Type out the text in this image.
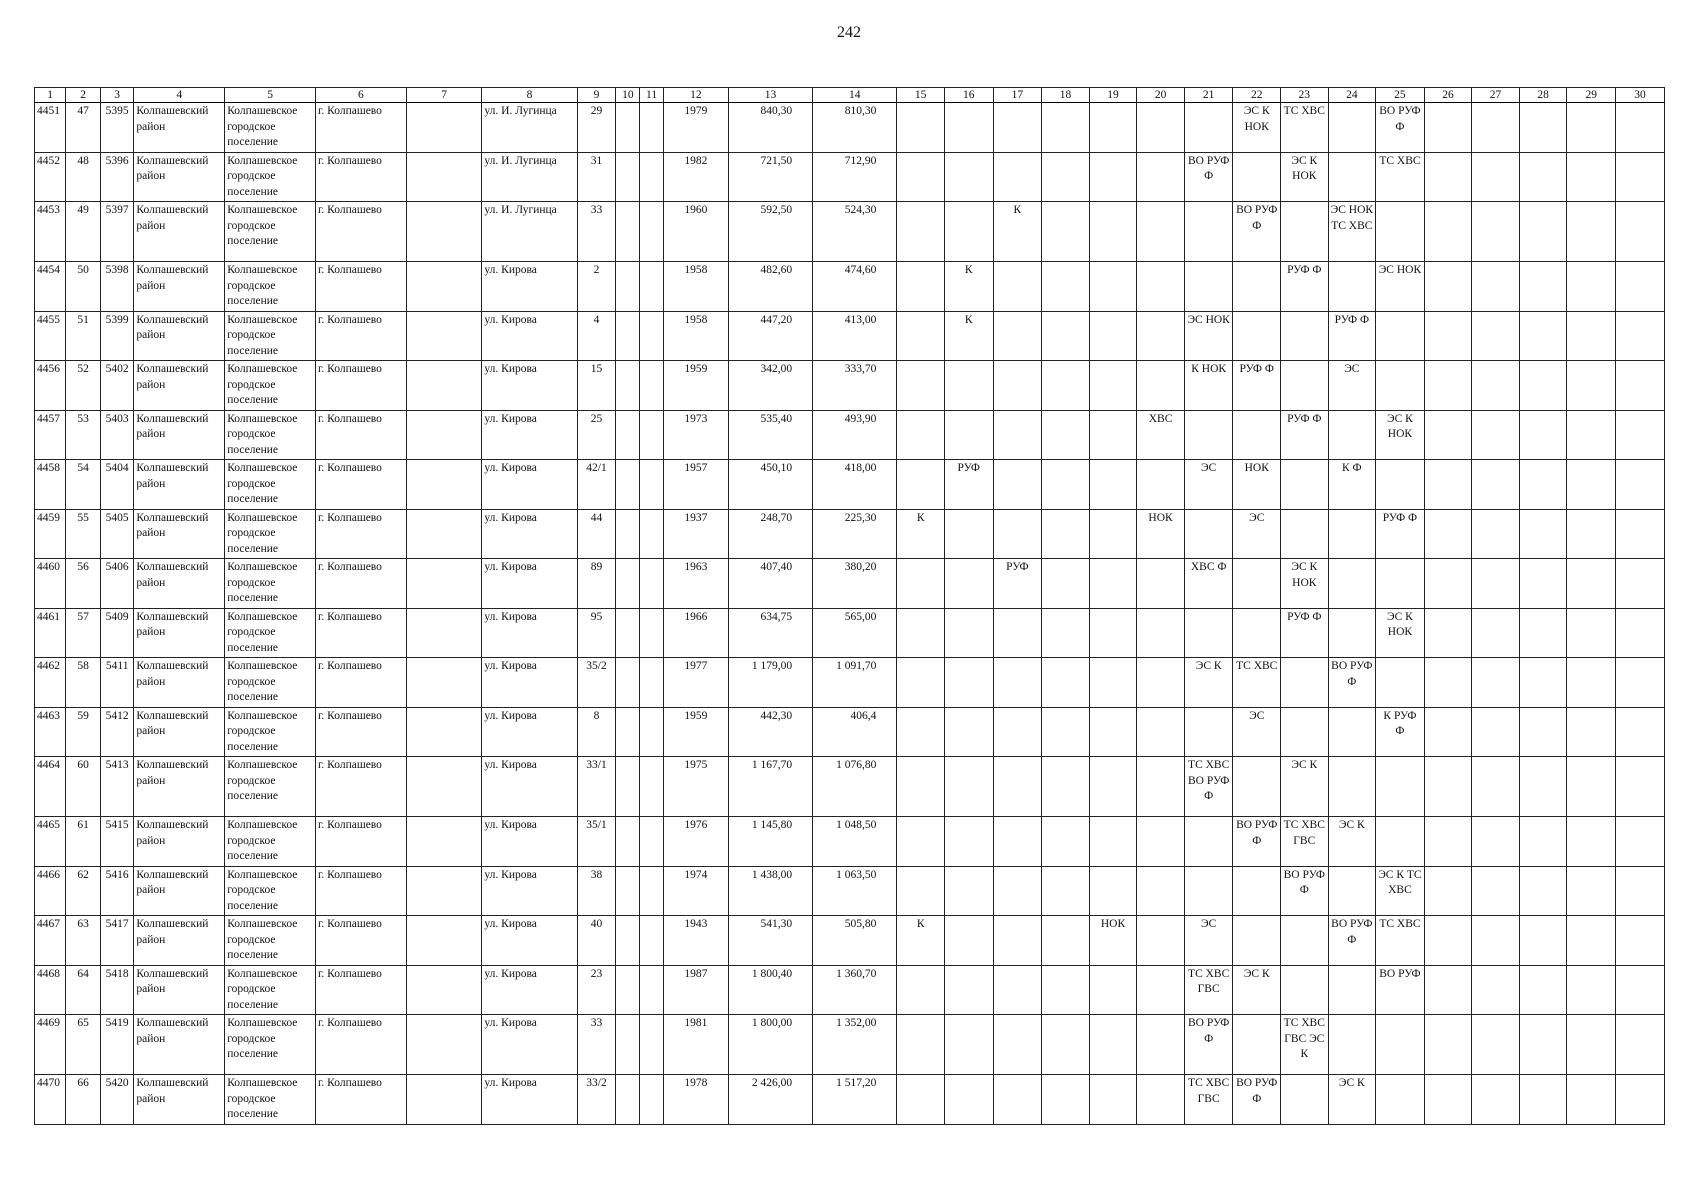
242
1	2	3	4	5	6	7	8	9	10	11	12	13	14	15	16	17	18	19	20	21	22	23	24	25	26	27	28	29	30
4451	47	5395	Колпашевский район	Колпашевское городское поселение	г. Колпашево		ул. И. Лугинца	29			1979	840,30	810,30								ЭС К НОК	ТС ХВС		ВО РУФ Ф					
4452	48	5396	Колпашевский район	Колпашевское городское поселение	г. Колпашево		ул. И. Лугинца	31			1982	721,50	712,90							ВО РУФ Ф		ЭС К НОК		ТС ХВС					
4453	49	5397	Колпашевский район	Колпашевское городское поселение	г. Колпашево		ул. И. Лугинца	33			1960	592,50	524,30			К					ВО РУФ Ф		ЭС НОК ТС ХВС						
4454	50	5398	Колпашевский район	Колпашевское городское поселение	г. Колпашево		ул. Кирова	2			1958	482,60	474,60		К							РУФ Ф		ЭС НОК					
4455	51	5399	Колпашевский район	Колпашевское городское поселение	г. Колпашево		ул. Кирова	4			1958	447,20	413,00		К					ЭС НОК			РУФ Ф						
4456	52	5402	Колпашевский район	Колпашевское городское поселение	г. Колпашево		ул. Кирова	15			1959	342,00	333,70							К НОК	РУФ Ф		ЭС						
4457	53	5403	Колпашевский район	Колпашевское городское поселение	г. Колпашево		ул. Кирова	25			1973	535,40	493,90						ХВС			РУФ Ф		ЭС К НОК					
4458	54	5404	Колпашевский район	Колпашевское городское поселение	г. Колпашево		ул. Кирова	42/1			1957	450,10	418,00		РУФ					ЭС	НОК		К Ф						
4459	55	5405	Колпашевский район	Колпашевское городское поселение	г. Колпашево		ул. Кирова	44			1937	248,70	225,30	К					НОК		ЭС			РУФ Ф					
4460	56	5406	Колпашевский район	Колпашевское городское поселение	г. Колпашево		ул. Кирова	89			1963	407,40	380,20			РУФ				ХВС Ф		ЭС К НОК							
4461	57	5409	Колпашевский район	Колпашевское городское поселение	г. Колпашево		ул. Кирова	95			1966	634,75	565,00									РУФ Ф		ЭС К НОК					
4462	58	5411	Колпашевский район	Колпашевское городское поселение	г. Колпашево		ул. Кирова	35/2			1977	1 179,00	1 091,70							ЭС К	ТС ХВС		ВО РУФ Ф						
4463	59	5412	Колпашевский район	Колпашевское городское поселение	г. Колпашево		ул. Кирова	8			1959	442,30	406,4								ЭС			К РУФ Ф					
4464	60	5413	Колпашевский район	Колпашевское городское поселение	г. Колпашево		ул. Кирова	33/1			1975	1 167,70	1 076,80							ТС ХВС ВО РУФ Ф		ЭС К							
4465	61	5415	Колпашевский район	Колпашевское городское поселение	г. Колпашево		ул. Кирова	35/1			1976	1 145,80	1 048,50								ВО РУФ Ф	ТС ХВС ГВС	ЭС К						
4466	62	5416	Колпашевский район	Колпашевское городское поселение	г. Колпашево		ул. Кирова	38			1974	1 438,00	1 063,50									ВО РУФ Ф		ЭС К ТС ХВС					
4467	63	5417	Колпашевский район	Колпашевское городское поселение	г. Колпашево		ул. Кирова	40			1943	541,30	505,80	К				НОК		ЭС			ВО РУФ Ф	ТС ХВС					
4468	64	5418	Колпашевский район	Колпашевское городское поселение	г. Колпашево		ул. Кирова	23			1987	1 800,40	1 360,70							ТС ХВС ГВС	ЭС К			ВО РУФ					
4469	65	5419	Колпашевский район	Колпашевское городское поселение	г. Колпашево		ул. Кирова	33			1981	1 800,00	1 352,00							ВО РУФ Ф		ТС ХВС ГВС ЭС К							
4470	66	5420	Колпашевский район	Колпашевское городское поселение	г. Колпашево		ул. Кирова	33/2			1978	2 426,00	1 517,20							ТС ХВС ГВС	ВО РУФ Ф		ЭС К						
